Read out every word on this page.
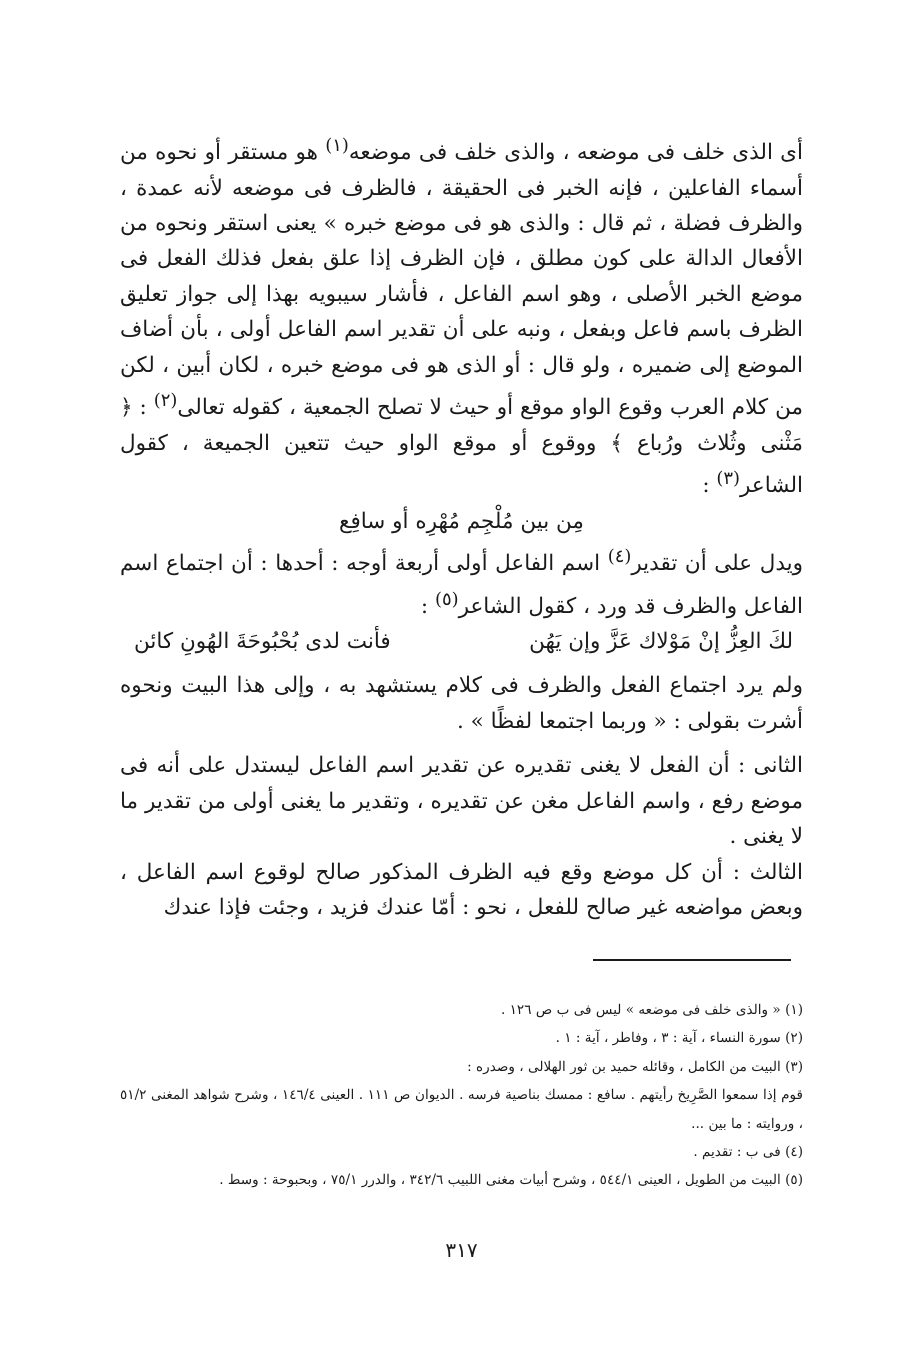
أى الذى خلف فى موضعه ، والذى خلف فى موضعه$^{(١)}$ هو مستقر أو نحوه من أسماء الفاعلين ، فإنه الخبر فى الحقيقة ، فالظرف فى موضعه لأنه عمدة ، والظرف فضلة ، ثم قال : والذى هو فى موضع خبره » يعنى استقر ونحوه من الأفعال الدالة على كون مطلق ، فإن الظرف إذا علق بفعل فذلك الفعل فى موضع الخبر الأصلى ، وهو اسم الفاعل ، فأشار سيبويه بهذا إلى جواز تعليق الظرف باسم فاعل وبفعل ، ونبه على أن تقدير اسم الفاعل أولى ، بأن أضاف الموضع إلى ضميره ، ولو قال : أو الذى هو فى موضع خبره ، لكان أبين ، لكن من كلام العرب وقوع الواو موقع أو حيث لا تصلح الجمعية ، كقوله تعالى$^{(٢)}$ : ﴿ مَثْنى وثُلاث ورُباع ﴾ ووقوع أو موقع الواو حيث تتعين الجميعة ، كقول الشاعر$^{(٣)}$ :

مِن بين مُلْجِم مُهْرِه أو سافِع

ويدل على أن تقدير$^{(٤)}$ اسم الفاعل أولى أربعة أوجه : أحدها : أن اجتماع اسم الفاعل والظرف قد ورد ، كقول الشاعر$^{(٥)}$ :

لكَ العِزُّ إنْ مَوْلاك عَزَّ وإن يَهُن
فأنت لدى بُحْبُوحَةَ الهُونِ كائن

ولم يرد اجتماع الفعل والظرف فى كلام يستشهد به ، وإلى هذا البيت ونحوه أشرت بقولى : « وربما اجتمعا لفظًا » .

الثانى : أن الفعل لا يغنى تقديره عن تقدير اسم الفاعل ليستدل على أنه فى موضع رفع ، واسم الفاعل مغن عن تقديره ، وتقدير ما يغنى أولى من تقدير ما لا يغنى .

الثالث : أن كل موضع وقع فيه الظرف المذكور صالح لوقوع اسم الفاعل ، وبعض مواضعه غير صالح للفعل ، نحو : أمّا عندك فزيد ، وجئت فإذا عندك

(١) « والذى خلف فى موضعه » ليس فى ب ص ١٢٦ .

(٢) سورة النساء ، آية : ٣ ، وفاطر ، آية : ١ .

(٣) البيت من الكامل ، وقائله حميد بن ثور الهلالى ، وصدره :

قوم إذا سمعوا الصَّرِيخ رأيتهم . سافع : ممسك بناصية فرسه . الديوان ص ١١١ . العينى ١٤٦/٤ ، وشرح شواهد المغنى ٥١/٢ ، وروايته : ما بين ...

(٤) فى ب : تقديم .

(٥) البيت من الطويل ، العينى ٥٤٤/١ ، وشرح أبيات مغنى اللبيب ٣٤٢/٦ ، والدرر ٧٥/١ ، وبحبوحة : وسط .

٣١٧
